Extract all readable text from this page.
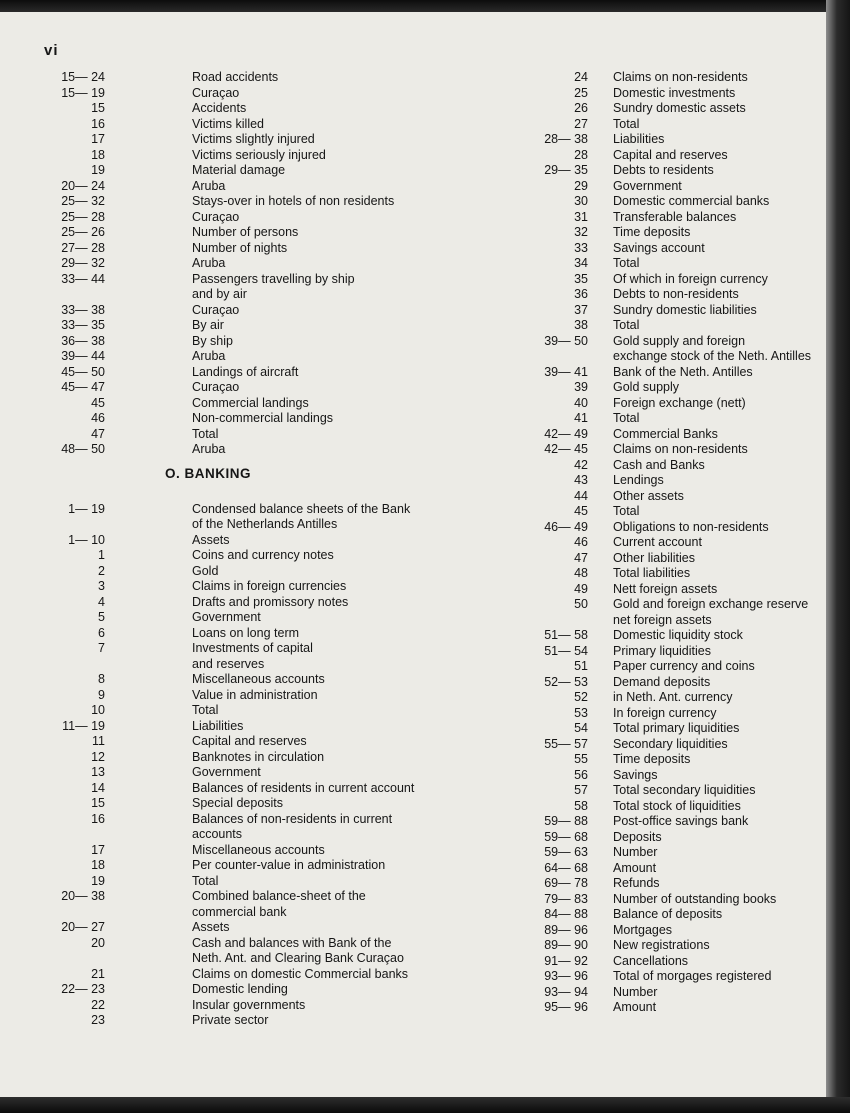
vi
15— 24	Road accidents
15— 19	Curaçao
15	Accidents
16	Victims killed
17	Victims slightly injured
18	Victims seriously injured
19	Material damage
20— 24	Aruba
25— 32	Stays-over in hotels of non residents
25— 28	Curaçao
25— 26	Number of persons
27— 28	Number of nights
29— 32	Aruba
33— 44	Passengers travelling by ship
and by air
33— 38	Curaçao
33— 35	By air
36— 38	By ship
39— 44	Aruba
45— 50	Landings of aircraft
45— 47	Curaçao
45	Commercial landings
46	Non-commercial landings
47	Total
48— 50	Aruba
O. BANKING
1— 19	Condensed balance sheets of the Bank
of the Netherlands Antilles
1— 10	Assets
1	Coins and currency notes
2	Gold
3	Claims in foreign currencies
4	Drafts and promissory notes
5	Government
6	Loans on long term
7	Investments of capital
and reserves
8	Miscellaneous accounts
9	Value in administration
10	Total
11— 19	Liabilities
11	Capital and reserves
12	Banknotes in circulation
13	Government
14	Balances of residents in current account
15	Special deposits
16	Balances of non-residents in current
accounts
17	Miscellaneous accounts
18	Per counter-value in administration
19	Total
20— 38	Combined balance-sheet of the
commercial bank
20— 27	Assets
20	Cash and balances with Bank of the
Neth. Ant. and Clearing Bank Curaçao
21	Claims on domestic Commercial banks
22— 23	Domestic lending
22	Insular governments
23	Private sector
24 Claims on non-residents
25 Domestic investments
26 Sundry domestic assets
27 Total
28— 38 Liabilities
28 Capital and reserves
29— 35 Debts to residents
29 Government
30 Domestic commercial banks
31 Transferable balances
32 Time deposits
33 Savings account
34 Total
35 Of which in foreign currency
36 Debts to non-residents
37 Sundry domestic liabilities
38 Total
39— 50 Gold supply and foreign
exchange stock of the Neth. Antilles
39— 41 Bank of the Neth. Antilles
39 Gold supply
40 Foreign exchange (nett)
41 Total
42— 49 Commercial Banks
42— 45 Claims on non-residents
42 Cash and Banks
43 Lendings
44 Other assets
45 Total
46— 49 Obligations to non-residents
46 Current account
47 Other liabilities
48 Total liabilities
49 Nett foreign assets
50 Gold and foreign exchange reserve
net foreign assets
51— 58 Domestic liquidity stock
51— 54 Primary liquidities
51 Paper currency and coins
52— 53 Demand deposits
52 in Neth. Ant. currency
53 In foreign currency
54 Total primary liquidities
55— 57 Secondary liquidities
55 Time deposits
56 Savings
57 Total secondary liquidities
58 Total stock of liquidities
59— 88 Post-office savings bank
59— 68 Deposits
59— 63 Number
64— 68 Amount
69— 78 Refunds
79— 83 Number of outstanding books
84— 88 Balance of deposits
89— 96 Mortgages
89— 90 New registrations
91— 92 Cancellations
93— 96 Total of morgages registered
93— 94 Number
95— 96 Amount
